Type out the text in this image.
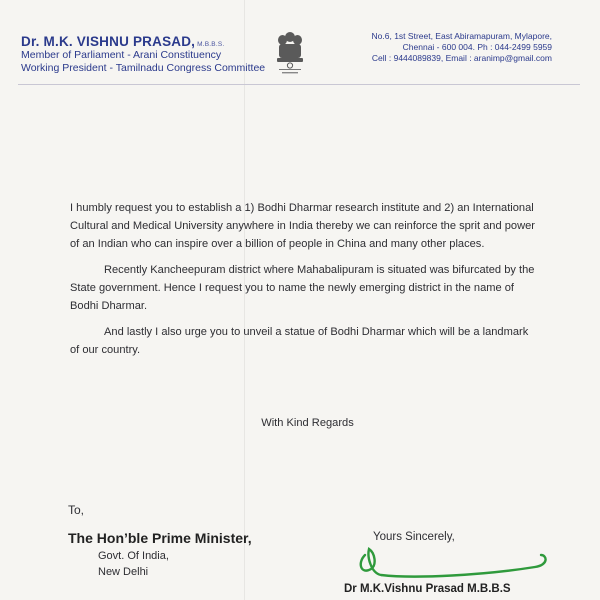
Dr. M.K. VISHNU PRASAD, M.B.B.S.
Member of Parliament - Arani Constituency
Working President - Tamilnadu Congress Committee
No.6, 1st Street, East Abiramapuram, Mylapore,
Chennai - 600 004. Ph : 044-2499 5959
Cell : 9444089839, Email : aranimp@gmail.com

I humbly request you to establish a 1) Bodhi Dharmar research institute and 2) an International Cultural and Medical University anywhere in India thereby we can reinforce the sprit and power of an Indian who can inspire over a billion of people in China and many other places.

Recently Kancheepuram district where Mahabalipuram is situated was bifurcated by the State government. Hence I request you to name the newly emerging district in the name of Bodhi Dharmar.

And lastly I also urge you to unveil a statue of Bodhi Dharmar which will be a landmark of our country.

With Kind Regards
To,
The Hon’ble Prime Minister,
Govt. Of India,
New Delhi
Yours Sincerely,
Dr M.K.Vishnu Prasad M.B.B.S
